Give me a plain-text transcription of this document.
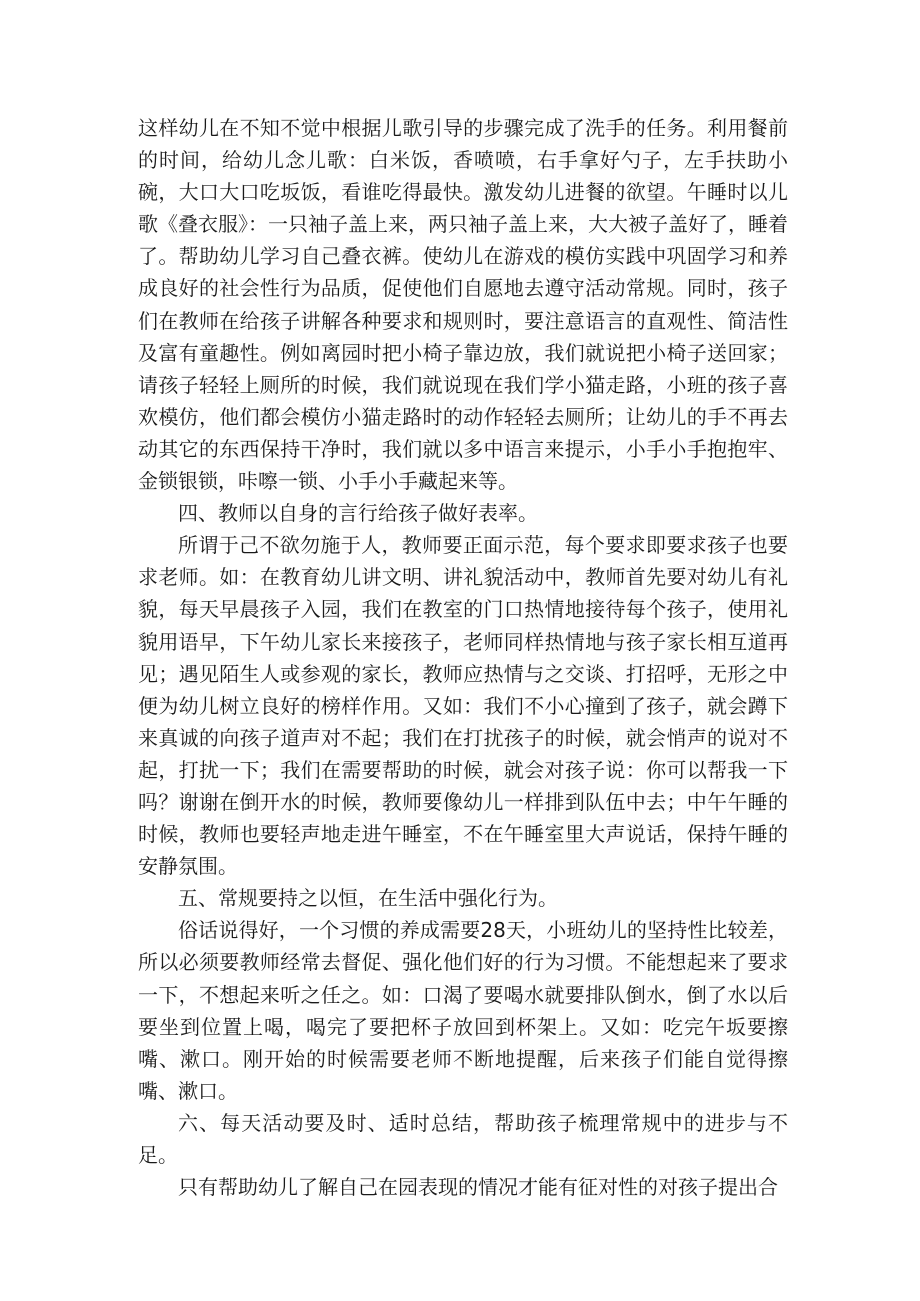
这样幼儿在不知不觉中根据儿歌引导的步骤完成了洗手的任务。利用餐前的时间，给幼儿念儿歌：白米饭，香喷喷，右手拿好勺子，左手扶助小碗，大口大口吃坂饭，看谁吃得最快。激发幼儿进餐的欲望。午睡时以儿歌《叠衣服》：一只袖子盖上来，两只袖子盖上来，大大被子盖好了，睡着了。帮助幼儿学习自己叠衣裤。使幼儿在游戏的模仿实践中巩固学习和养成良好的社会性行为品质，促使他们自愿地去遵守活动常规。同时，孩子们在教师在给孩子讲解各种要求和规则时，要注意语言的直观性、简洁性及富有童趣性。例如离园时把小椅子靠边放，我们就说把小椅子送回家；请孩子轻轻上厕所的时候，我们就说现在我们学小猫走路，小班的孩子喜欢模仿，他们都会模仿小猫走路时的动作轻轻去厕所；让幼儿的手不再去动其它的东西保持干净时，我们就以多中语言来提示，小手小手抱抱牢、金锁银锁，咔嚓一锁、小手小手藏起来等。

四、教师以自身的言行给孩子做好表率。

所谓于己不欲勿施于人，教师要正面示范，每个要求即要求孩子也要求老师。如：在教育幼儿讲文明、讲礼貌活动中，教师首先要对幼儿有礼貌，每天早晨孩子入园，我们在教室的门口热情地接待每个孩子，使用礼貌用语早，下午幼儿家长来接孩子，老师同样热情地与孩子家长相互道再见；遇见陌生人或参观的家长，教师应热情与之交谈、打招呼，无形之中便为幼儿树立良好的榜样作用。又如：我们不小心撞到了孩子，就会蹲下来真诚的向孩子道声对不起；我们在打扰孩子的时候，就会悄声的说对不起，打扰一下；我们在需要帮助的时候，就会对孩子说：你可以帮我一下吗？谢谢在倒开水的时候，教师要像幼儿一样排到队伍中去；中午午睡的时候，教师也要轻声地走进午睡室，不在午睡室里大声说话，保持午睡的安静氛围。

五、常规要持之以恒，在生活中强化行为。

俗话说得好，一个习惯的养成需要28天，小班幼儿的坚持性比较差，所以必须要教师经常去督促、强化他们好的行为习惯。不能想起来了要求一下，不想起来听之任之。如：口渴了要喝水就要排队倒水，倒了水以后要坐到位置上喝，喝完了要把杯子放回到杯架上。又如：吃完午坂要擦嘴、漱口。刚开始的时候需要老师不断地提醒，后来孩子们能自觉得擦嘴、漱口。

六、每天活动要及时、适时总结，帮助孩子梳理常规中的进步与不足。

只有帮助幼儿了解自己在园表现的情况才能有征对性的对孩子提出合
